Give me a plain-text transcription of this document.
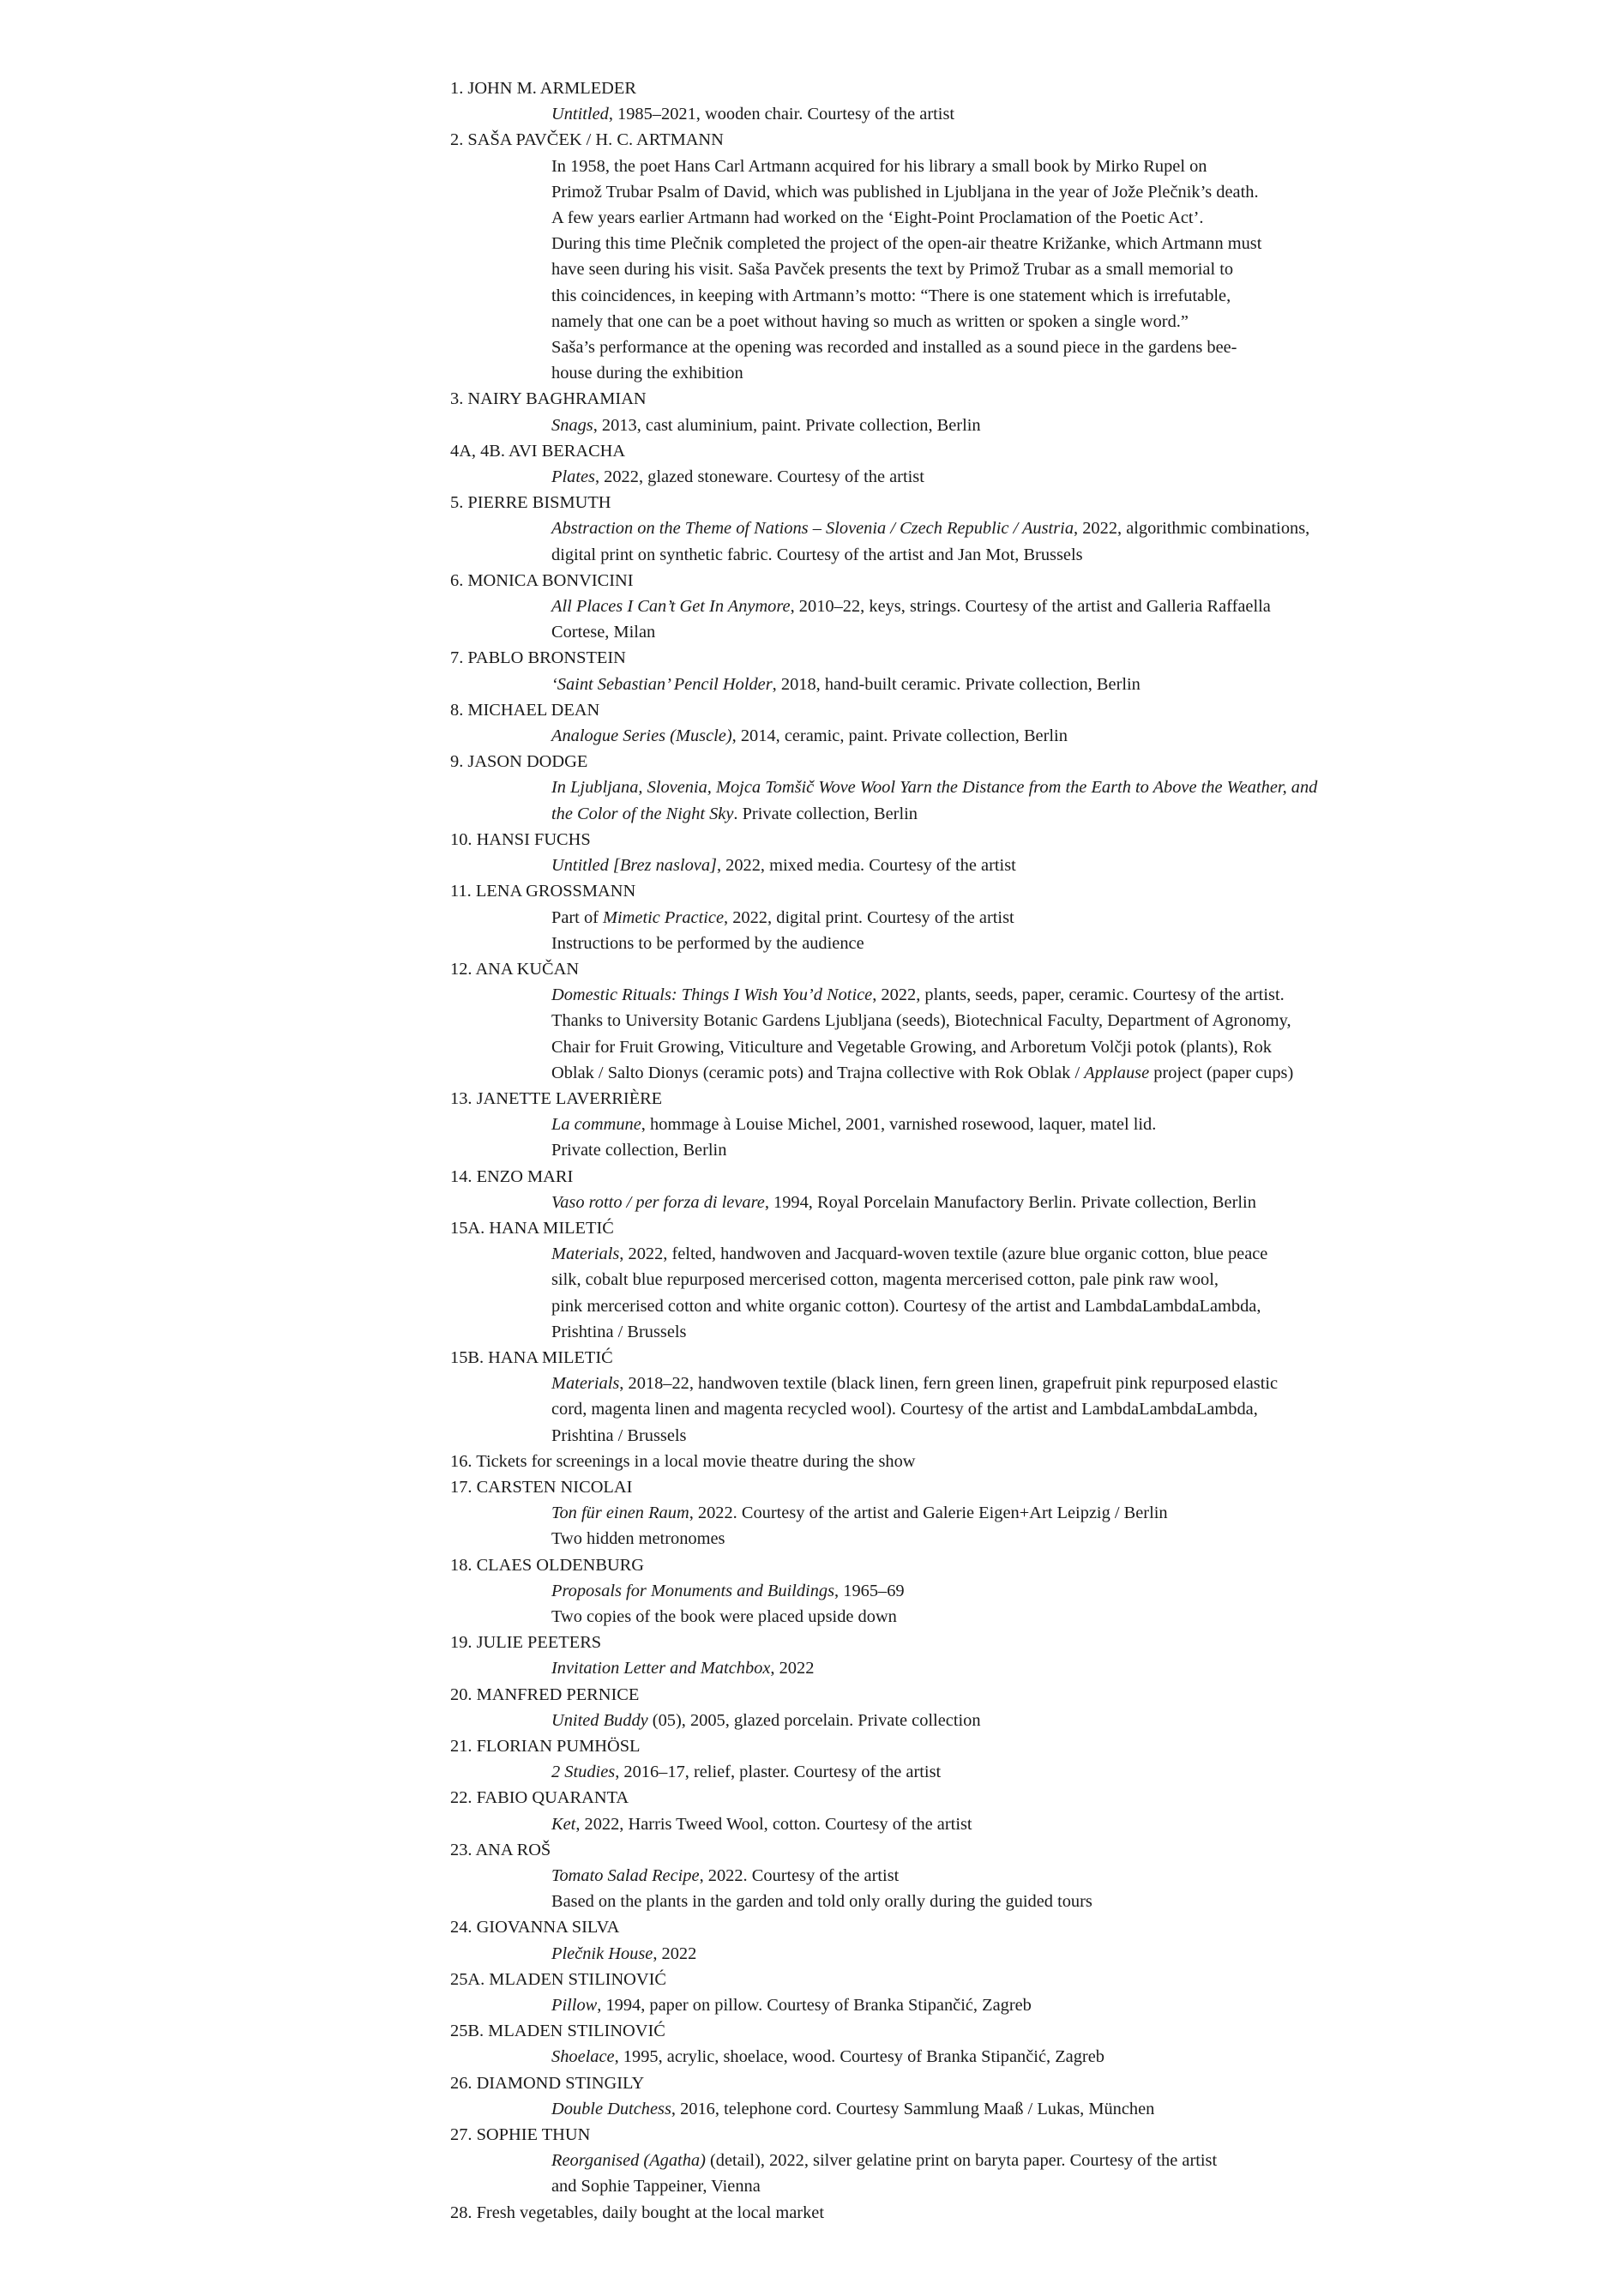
1. JOHN M. ARMLEDER
Untitled, 1985–2021, wooden chair. Courtesy of the artist
2. SAŠA PAVČEK / H. C. ARTMANN
In 1958, the poet Hans Carl Artmann acquired for his library a small book by Mirko Rupel on
Primož Trubar Psalm of David, which was published in Ljubljana in the year of Jože Plečnik’s death.
A few years earlier Artmann had worked on the ‘Eight-Point Proclamation of the Poetic Act’.
During this time Plečnik completed the project of the open-air theatre Križanke, which Artmann must
have seen during his visit. Saša Pavček presents the text by Primož Trubar as a small memorial to
this coincidences, in keeping with Artmann’s motto: “There is one statement which is irrefutable,
namely that one can be a poet without having so much as written or spoken a single word.”
Saša’s performance at the opening was recorded and installed as a sound piece in the gardens bee-
house during the exhibition
3. NAIRY BAGHRAMIAN
Snags, 2013, cast aluminium, paint. Private collection, Berlin
4A, 4B. AVI BERACHA
Plates, 2022, glazed stoneware. Courtesy of the artist
5. PIERRE BISMUTH
Abstraction on the Theme of Nations – Slovenia / Czech Republic / Austria, 2022, algorithmic combinations,
digital print on synthetic fabric. Courtesy of the artist and Jan Mot, Brussels
6. MONICA BONVICINI
All Places I Can’t Get In Anymore, 2010–22, keys, strings. Courtesy of the artist and Galleria Raffaella
Cortese, Milan
7. PABLO BRONSTEIN
‘Saint Sebastian’ Pencil Holder, 2018, hand-built ceramic. Private collection, Berlin
8. MICHAEL DEAN
Analogue Series (Muscle), 2014, ceramic, paint. Private collection, Berlin
9. JASON DODGE
In Ljubljana, Slovenia, Mojca Tomšič Wove Wool Yarn the Distance from the Earth to Above the Weather, and
the Color of the Night Sky. Private collection, Berlin
10. HANSI FUCHS
Untitled [Brez naslova], 2022, mixed media. Courtesy of the artist
11. LENA GROSSMANN
Part of Mimetic Practice, 2022, digital print. Courtesy of the artist
Instructions to be performed by the audience
12. ANA KUČAN
Domestic Rituals: Things I Wish You’d Notice, 2022, plants, seeds, paper, ceramic. Courtesy of the artist.
Thanks to University Botanic Gardens Ljubljana (seeds), Biotechnical Faculty, Department of Agronomy,
Chair for Fruit Growing, Viticulture and Vegetable Growing, and Arboretum Volčji potok (plants), Rok
Oblak / Salto Dionys (ceramic pots) and Trajna collective with Rok Oblak / Applause project (paper cups)
13. JANETTE LAVERRIÈRE
La commune, hommage à Louise Michel, 2001, varnished rosewood, laquer, matel lid.
Private collection, Berlin
14. ENZO MARI
Vaso rotto / per forza di levare, 1994, Royal Porcelain Manufactory Berlin. Private collection, Berlin
15A. HANA MILETIĆ
Materials, 2022, felted, handwoven and Jacquard-woven textile (azure blue organic cotton, blue peace
silk, cobalt blue repurposed mercerised cotton, magenta mercerised cotton, pale pink raw wool,
pink mercerised cotton and white organic cotton). Courtesy of the artist and LambdaLambdaLambda,
Prishtina / Brussels
15B. HANA MILETIĆ
Materials, 2018–22, handwoven textile (black linen, fern green linen, grapefruit pink repurposed elastic
cord, magenta linen and magenta recycled wool). Courtesy of the artist and LambdaLambdaLambda,
Prishtina / Brussels
16. Tickets for screenings in a local movie theatre during the show
17. CARSTEN NICOLAI
Ton für einen Raum, 2022. Courtesy of the artist and Galerie Eigen+Art Leipzig / Berlin
Two hidden metronomes
18. CLAES OLDENBURG
Proposals for Monuments and Buildings, 1965–69
Two copies of the book were placed upside down
19. JULIE PEETERS
Invitation Letter and Matchbox, 2022
20. MANFRED PERNICE
United Buddy (05), 2005, glazed porcelain. Private collection
21. FLORIAN PUMHÖSL
2 Studies, 2016–17, relief, plaster. Courtesy of the artist
22. FABIO QUARANTA
Ket, 2022, Harris Tweed Wool, cotton. Courtesy of the artist
23. ANA ROŠ
Tomato Salad Recipe, 2022. Courtesy of the artist
Based on the plants in the garden and told only orally during the guided tours
24. GIOVANNA SILVA
Plečnik House, 2022
25A. MLADEN STILINOVIĆ
Pillow, 1994, paper on pillow. Courtesy of Branka Stipančić, Zagreb
25B. MLADEN STILINOVIĆ
Shoelace, 1995, acrylic, shoelace, wood. Courtesy of Branka Stipančić, Zagreb
26. DIAMOND STINGILY
Double Dutchess, 2016, telephone cord. Courtesy Sammlung Maaß / Lukas, München
27. SOPHIE THUN
Reorganised (Agatha) (detail), 2022, silver gelatine print on baryta paper. Courtesy of the artist
and Sophie Tappeiner, Vienna
28. Fresh vegetables, daily bought at the local market
